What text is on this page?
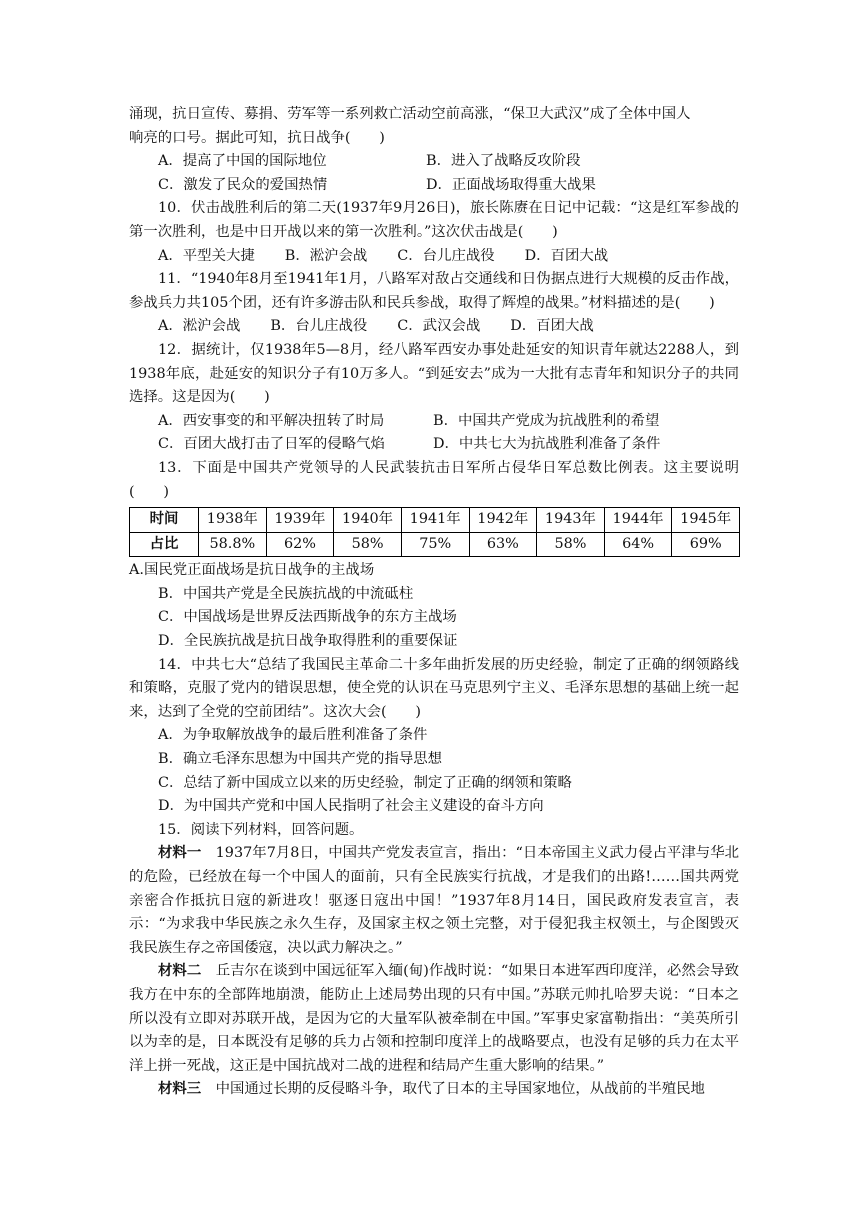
涌现，抗日宣传、募捐、劳军等一系列救亡活动空前高涨，“保卫大武汉”成了全体中国人

响亮的口号。据此可知，抗日战争(　　)

A．提高了中国的国际地位	B．进入了战略反攻阶段

C．激发了民众的爱国热情	D．正面战场取得重大战果

10．伏击战胜利后的第二天(1937年9月26日)，旅长陈赓在日记中记载：“这是红军参战的第一次胜利，也是中日开战以来的第一次胜利。”这次伏击战是(　　)

A．平型关大捷 B．淞沪会战 C．台儿庄战役 D．百团大战

11．“1940年8月至1941年1月，八路军对敌占交通线和日伪据点进行大规模的反击作战，参战兵力共105个团，还有许多游击队和民兵参战，取得了辉煌的战果。”材料描述的是(　　)

A．淞沪会战 B．台儿庄战役 C．武汉会战 D．百团大战

12．据统计，仅1938年5—8月，经八路军西安办事处赴延安的知识青年就达2288人，到1938年底，赴延安的知识分子有10万多人。“到延安去”成为一大批有志青年和知识分子的共同选择。这是因为(　　)

A．西安事变的和平解决扭转了时局	B．中国共产党成为抗战胜利的希望

C．百团大战打击了日军的侵略气焰	D．中共七大为抗战胜利准备了条件

13．下面是中国共产党领导的人民武装抗击日军所占侵华日军总数比例表。这主要说明(　　)

时间	1938年	1939年	1940年	1941年	1942年	1943年	1944年	1945年
占比	58.8%	62%	58%	75%	63%	58%	64%	69%

A.国民党正面战场是抗日战争的主战场

B．中国共产党是全民族抗战的中流砥柱

C．中国战场是世界反法西斯战争的东方主战场

D．全民族抗战是抗日战争取得胜利的重要保证

14．中共七大“总结了我国民主革命二十多年曲折发展的历史经验，制定了正确的纲领路线和策略，克服了党内的错误思想，使全党的认识在马克思列宁主义、毛泽东思想的基础上统一起来，达到了全党的空前团结”。这次大会(　　)

A．为争取解放战争的最后胜利准备了条件

B．确立毛泽东思想为中国共产党的指导思想

C．总结了新中国成立以来的历史经验，制定了正确的纲领和策略

D．为中国共产党和中国人民指明了社会主义建设的奋斗方向

15．阅读下列材料，回答问题。

材料一　 1937年7月8日，中国共产党发表宣言，指出：“日本帝国主义武力侵占平津与华北的危险，已经放在每一个中国人的面前，只有全民族实行抗战，才是我们的出路!……国共两党亲密合作抵抗日寇的新进攻！驱逐日寇出中国！”1937年8月14日，国民政府发表宣言，表示：“为求我中华民族之永久生存，及国家主权之领土完整，对于侵犯我主权领土，与企图毁灭我民族生存之帝国倭寇，决以武力解决之。”

材料二　 丘吉尔在谈到中国远征军入缅(甸)作战时说：“如果日本进军西印度洋，必然会导致我方在中东的全部阵地崩溃，能防止上述局势出现的只有中国。”苏联元帅扎哈罗夫说：“日本之所以没有立即对苏联开战，是因为它的大量军队被牵制在中国。”军事史家富勒指出：“美英所引以为幸的是，日本既没有足够的兵力占领和控制印度洋上的战略要点，也没有足够的兵力在太平洋上拼一死战，这正是中国抗战对二战的进程和结局产生重大影响的结果。”

材料三　 中国通过长期的反侵略斗争，取代了日本的主导国家地位，从战前的半殖民地
